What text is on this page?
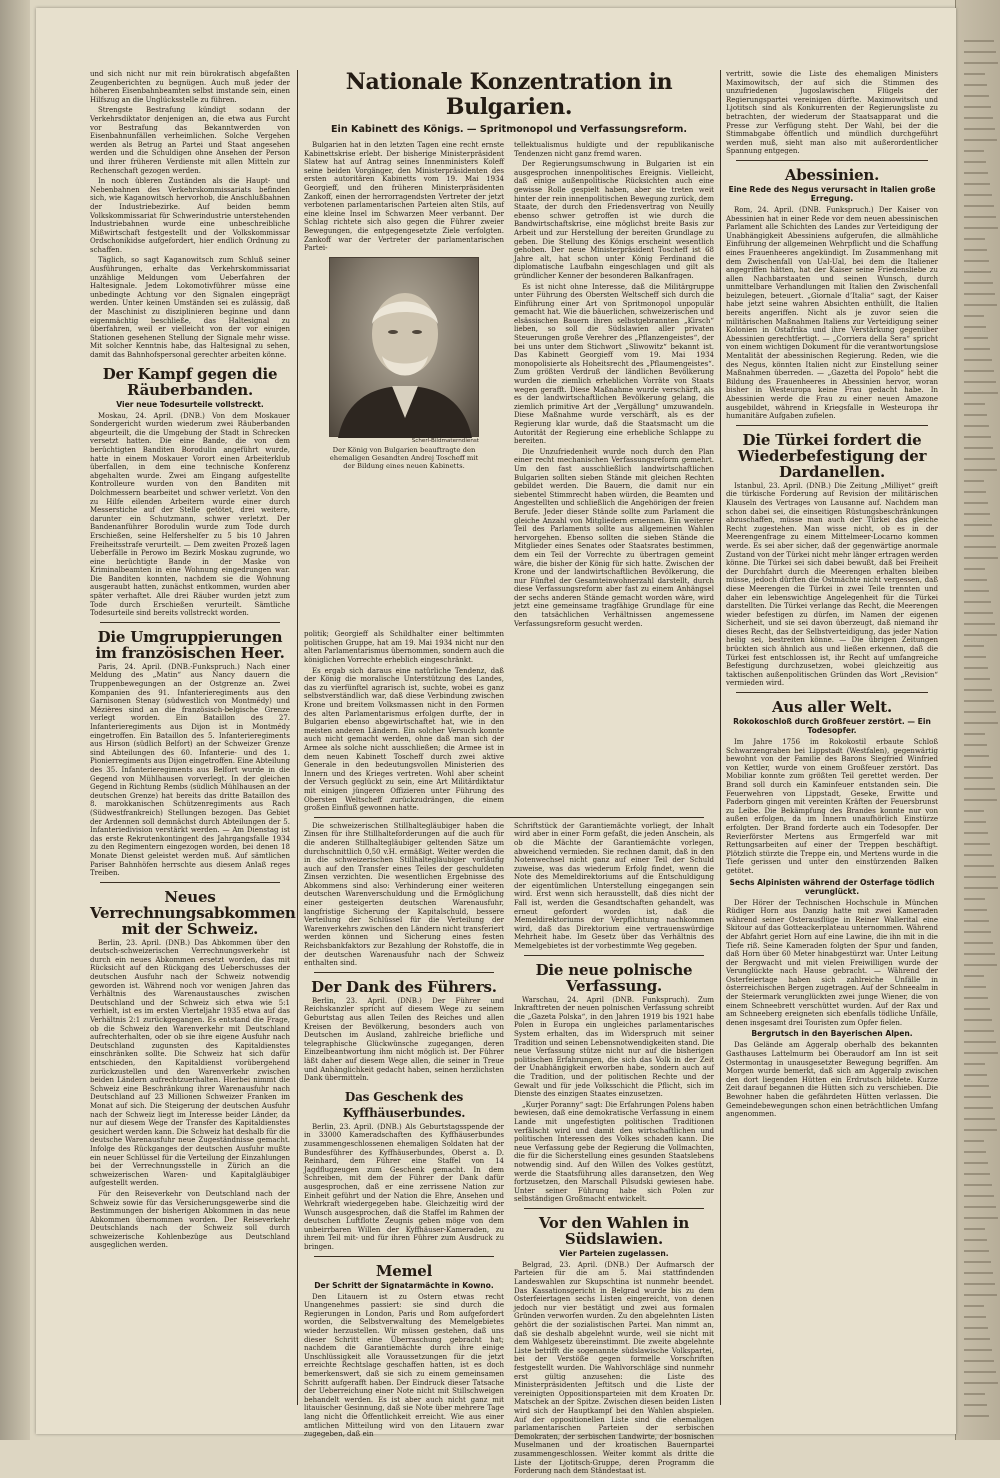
und sich nicht nur mit rein bürokratisch abgefaßten Zeugenberichten zu begnügen. Auch muß jeder der höheren Eisenbahnbeamten selbst imstande sein, einen Hilfszug an die Unglücksstelle zu führen.

Strengste Bestrafung kündigt sodann der Verkehrsdiktator denjenigen an, die etwa aus Furcht vor Bestrafung das Bekanntwerden von Eisenbahnunfällen verheimlichen. Solche Vergehen werden als Betrug an Partei und Staat angesehen werden und die Schuldigen ohne Ansehen der Person und ihrer früheren Verdienste mit allen Mitteln zur Rechenschaft gezogen werden.

In noch übleren Zuständen als die Haupt- und Nebenbahnen des Verkehrskommissariats befinden sich, wie Kaganowitsch hervorhob, die Anschlußbahnen der Industriebezirke. Auf beiden bemm Volkskommissariat für Schwerindustrie unterstehenden Industriebahnen wurde eine unbeschreibliche Mißwirtschaft festgestellt und der Volkskommissar Ordschonikidse aufgefordert, hier endlich Ordnung zu schaffen.

Täglich, so sagt Kaganowitsch zum Schluß seiner Ausführungen, erhalte das Verkehrskommissariat unzählige Meldungen vom Ueberfahren der Haltesignale. Jedem Lokomotivführer müsse eine unbedingte Achtung vor den Signalen eingeprägt werden. Unter keinen Umständen sei es zulässig, daß der Maschinist zu disziplinieren beginne und dann eigenmächtig beschließe, das Haltesignal zu überfahren, weil er vielleicht von der vor einigen Stationen gesehenen Stellung der Signale mehr wisse. Mit solcher Kenntnis habe, das Haltesignal zu sehen, damit das Bahnhofspersonal gerechter arbeiten könne.

Der Kampf gegen die Räuberbanden.
Vier neue Todesurteile vollstreckt.

Moskau, 24. April. (DNB.) Von dem Moskauer Sondergericht wurden wiederum zwei Räuberbanden abgeurteilt, die die Umgebung der Stadt in Schrecken versetzt hatten. Die eine Bande, die von dem berüchtigten Banditen Borodulin angeführt wurde, hatte in einem Moskauer Vorort einen Arbeiterklub überfallen, in dem eine technische Konferenz abgehalten wurde. Zwei am Eingang aufgestellte Kontrolleure wurden von den Banditen mit Dolchmessern bearbeitet und schwer verletzt. Von den zu Hilfe eilenden Arbeitern wurde einer durch Messerstiche auf der Stelle getötet, drei weitere, darunter ein Schutzmann, schwer verletzt. Der Bandenanführer Borodulin wurde zum Tode durch Erschießen, seine Helfershelfer zu 5 bis 10 Jahren Freiheitsstrafe verurteilt. — Dem zweiten Prozeß lagen Ueberfälle in Perowo im Bezirk Moskau zugrunde, wo eine berüchtigte Bande in der Maske von Kriminalbeamten in eine Wohnung eingedrungen war. Die Banditen konnten, nachdem sie die Wohnung ausgeraubt hatten, zunächst entkommen, wurden aber später verhaftet. Alle drei Räuber wurden jetzt zum Tode durch Erschießen verurteilt. Sämtliche Todesurteile sind bereits vollstreckt worden.

Die Umgruppierungen im französischen Heer.

Paris, 24. April. (DNB.-Funkspruch.) Nach einer Meldung des „Matin“ aus Nancy dauern die Truppenbewegungen an der Ostgrenze an. Zwei Kompanien des 91. Infanterieregiments aus den Garnisonen Stenay (südwestlich von Montmédy) und Mézières sind an die französisch-belgische Grenze verlegt worden. Ein Bataillon des 27. Infanterieregiments aus Dijon ist in Montmédy eingetroffen. Ein Bataillon des 5. Infanterieregiments aus Hirson (südlich Belfort) an der Schweizer Grenze sind Abteilungen des 60. Infanterie- und des 1. Pionierregiments aus Dijon eingetroffen. Eine Abteilung des 35. Infanterieregiments aus Belfort wurde in die Gegend von Mühlhausen vorverlegt. In der gleichen Gegend in Richtung Rembs (südlich Mühlhausen an der deutschen Grenze) hat bereits das dritte Bataillon des 8. marokkanischen Schützenregiments aus Rach (Südwestfrankreich) Stellungen bezogen. Das Gebiet der Ardennen soll demnächst durch Abteilungen der 5. Infanteriedivision verstärkt werden. — Am Dienstag ist das erste Rekrutenkontingent des Jahrgangsfalle 1934 zu den Regimentern eingezogen worden, bei denen 18 Monate Dienst geleistet werden muß. Auf sämtlichen Pariser Bahnhöfen herrschte aus diesem Anlaß reges Treiben.

Neues Verrechnungsabkommen mit der Schweiz.

Berlin, 23. April. (DNB.) Das Abkommen über den deutsch-schweizerischen Verrechnungsverkehr ist durch ein neues Abkommen ersetzt worden, das mit Rücksicht auf den Rückgang des Ueberschusses der deutschen Ausfuhr nach der Schweiz notwendig geworden ist. Während noch vor wenigen Jahren das Verhältnis des Warenaustausches zwischen Deutschland und der Schweiz sich etwa wie 5:1 verhielt, ist es im ersten Vierteljahr 1935 etwa auf das Verhältnis 2:1 zurückgegangen. Es entstand die Frage, ob die Schweiz den Warenverkehr mit Deutschland aufrechterhalten, oder ob sie ihre eigene Ausfuhr nach Deutschland zugunsten des Kapitaldienstes einschränken sollte. Die Schweiz hat sich dafür entschieden, den Kapitaldienst vorübergehend zurückzustellen und den Warenverkehr zwischen beiden Ländern aufrechtzuerhalten. Hierbei nimmt die Schweiz eine Beschränkung ihrer Warenausfuhr nach Deutschland auf 23 Millionen Schweizer Franken im Monat auf sich. Die Steigerung der deutschen Ausfuhr nach der Schweiz liegt im Interesse beider Länder, da nur auf diesem Wege der Transfer des Kapitaldienstes gesichert werden kann. Die Schweiz hat deshalb für die deutsche Warenausfuhr neue Zugeständnisse gemacht. Infolge des Rückganges der deutschen Ausfuhr mußte ein neuer Schlüssel für die Verteilung der Einzahlungen bei der Verrechnungsstelle in Zürich an die schweizerischen Waren- und Kapitalgläubiger aufgestellt werden.

Für den Reiseverkehr von Deutschland nach der Schweiz sowie für das Versicherungsgewerbe sind die Bestimmungen der bisherigen Abkommen in das neue Abkommen übernommen worden. Der Reiseverkehr Deutschlands nach der Schweiz soll durch schweizerische Kohlenbezüge aus Deutschland ausgeglichen werden.

Nationale Konzentration in Bulgarien.
Ein Kabinett des Königs. — Spritmonopol und Verfassungsreform.

Bulgarien hat in den letzten Tagen eine recht ernste Kabinettskrise erlebt. Der bisherige Ministerpräsident Slatew hat auf Antrag seines Innenministers Koleff seine beiden Vorgänger, den Ministerpräsidenten des ersten autoritären Kabinetts vom 19. Mai 1934 Georgieff, und den früheren Ministerpräsidenten Zankoff, einen der herrorragendsten Vertreter der jetzt verbotenen parlamentarischen Parteien alten Stils, auf eine kleine Insel im Schwarzen Meer verbannt. Der Schlag richtete sich also gegen die Führer zweier Bewegungen, die entgegengesetzte Ziele verfolgten. Zankoff war der Vertreter der parlamentarischen Partei-

Scherl-Bildmaterndienst
Der König von Bulgarien beauftragte den ehemaligen Gesandten Andrej Toscheff mit der Bildung eines neuen Kabinetts.

tellektualismus huldigte und der republikanische Tendenzen nicht ganz fremd waren.

Der Regierungsumschwung in Bulgarien ist ein ausgesprochen innenpolitisches Ereignis. Vielleicht, daß einige außenpolitische Rücksichten auch eine gewisse Rolle gespielt haben, aber sie treten weit hinter der rein innenpolitischen Bewegung zurück, dem Staate, der durch den Friedensvertrag von Neuilly ebenso schwer getroffen ist wie durch die Bandwirtschaftskrise, eine möglichst breite Basis zur Arbeit und zur Herstellung der bereiten Grundlage zu geben. Die Stellung des Königs erscheint wesentlich gehoben. Der neue Ministerpräsident Toscheff ist 68 Jahre alt, hat schon unter König Ferdinand die diplomatische Laufbahn eingeschlagen und gilt als gründlicher Kenner der besonderen Balkanfragen.

Es ist nicht ohne Interesse, daß die Militärgruppe unter Führung des Obersten Weltscheff sich durch die Einführung einer Art von Spritmonopol unpopulär gemacht hat. Wie die bäuerlichen, schweizerischen und elsässischen Bauern ihren selbstgebrannten „Kirsch“ lieben, so soll die Südslawien aller privaten Steuerungen große Verehrer des „Pflanzengeistes“, der bei uns unter dem Stichwort „Sliwowitz“ bekannt ist. Das Kabinett Georgieff vom 19. Mai 1934 monopolisierte als Hoheitsrecht des „Pflaumengeistes“. Zum größten Verdruß der ländlichen Bevölkerung wurden die ziemlich erheblichen Vorräte von Staats wegen gerafft. Diese Maßnahme wurde verschärft, als es der landwirtschaftlichen Bevölkerung gelang, die ziemlich primitive Art der „Vergällung“ umzuwandeln. Diese Maßnahme wurde verschärft, als es der Regierung klar wurde, daß die Staatsmacht um die Autorität der Regierung eine erhebliche Schlappe zu bereiten.

Die Unzufriedenheit wurde noch durch den Plan einer recht mechanischen Verfassungsreform gemehrt. Um den fast ausschließlich landwirtschaftlichen Bulgarien sollten sieben Stände mit gleichen Rechten gebildet werden. Die Bauern, die damit nur ein siebentel Stimmrecht haben würden, die Beamten und Angestellten und schließlich die Angehörigen der freien Berufe. Jeder dieser Stände sollte zum Parlament die gleiche Anzahl von Mitgliedern ernennen. Ein weiterer Teil des Parlaments sollte aus allgemeinen Wahlen hervorgehen. Ebenso sollten die sieben Stände die Mitglieder eines Senates oder Staatsrates bestimmen, dem ein Teil der Vorrechte zu übertragen gemeint wäre, die bisher der König für sich hatte. Zwischen der Krone und der landwirtschaftlichen Bevölkerung, die nur Fünftel der Gesamteinwohnerzahl darstellt, durch diese Verfassungsreform aber fast zu einem Anhängsel der sechs anderen Stände gemacht worden wäre, wird jetzt eine gemeinsame tragfähige Grundlage für eine den tatsächlichen Verhältnissen angemessene Verfassungsreform gesucht werden.

politik; Georgieff als Schildhalter einer beltimmten politischen Gruppe, hat am 19. Mai 1934 nicht nur den alten Parlamentarismus übernommen, sondern auch die königlichen Vorrechte erheblich eingeschränkt.

Es ergab sich daraus eine natürliche Tendenz, daß der König die moralische Unterstützung des Landes, das zu vierfünftel agrarisch ist, suchte, wobei es ganz selbstverständlich war, daß diese Verbindung zwischen Krone und breitem Volksmassen nicht in den Formen des alten Parlamentarismus erfolgen durfte, der in Bulgarien ebenso abgewirtschaftet hat, wie in den meisten anderen Ländern. Ein solcher Versuch konnte auch nicht gemacht werden, ohne daß man sich der Armee als solche nicht ausschließen; die Armee ist in dem neuen Kabinett Toscheff durch zwei aktive Generale in den bedeutungsvollen Ministerien des Innern und des Krieges vertreten. Wohl aber scheint der Versuch geglückt zu sein, eine Art Militärdiktatur mit einigen jüngeren Offizieren unter Führung des Obersten Weltscheff zurückzudrängen, die einem großen Einfluß gewonnen hatte.

Die schweizerischen Stillhaltegläubiger haben die Zinsen für ihre Stillhalteforderungen auf die auch für die anderen Stillhaltegläubiger geltenden Sätze um durchschnittlich 0,50 v.H. ermäßigt. Weiter werden die in die schweizerischen Stillhaltegläubiger vorläufig auch auf den Transfer eines Teiles der geschuldeten Zinsen verzichten. Die wesentlichen Ergebnisse des Abkommens sind also: Verhinderung einer weiteren deutschen Warenverschuldung und die Ermöglichung einer gesteigerten deutschen Warenausfuhr, langfristige Sicherung der Kapitalschuld, bessere Verteilung der Schlüssel für die Verteilung der Warenverkehrs zwischen den Ländern nicht transferiert werden können und Sicherung eines festen Reichsbankfaktors zur Bezahlung der Rohstoffe, die in der deutschen Warenausfuhr nach der Schweiz enthalten sind.

Der Dank des Führers.

Berlin, 23. April. (DNB.) Der Führer und Reichskanzler spricht auf diesem Wege zu seinem Geburtstag aus allen Teilen des Reiches und allen Kreisen der Bevölkerung, besonders auch von Deutschen im Ausland, zahlreiche briefliche und telegraphische Glückwünsche zugegangen, deren Einzelbeantwortung ihm nicht möglich ist. Der Führer läßt daher auf diesem Wege allen, die seiner in Treue und Anhänglichkeit gedacht haben, seinen herzlichsten Dank übermitteln.

Das Geschenk des Kyffhäuserbundes.

Berlin, 23. April. (DNB.) Als Geburtstagsspende der in 33000 Kameradschaften des Kyffhäuserbundes zusammengeschlossenen ehemaligen Soldaten hat der Bundesführer des Kyffhäuserbundes, Oberst a. D. Reinhard, dem Führer eine Staffel von 14 Jagdflugzeugen zum Geschenk gemacht. In dem Schreiben, mit dem der Führer der Dank dafür ausgesprochen, daß er eine zerrissene Nation zur Einheit geführt und der Nation die Ehre, Ansehen und Wehrkraft wiedergegeben habe. Gleichzeitig wird der Wunsch ausgesprochen, daß die Staffel im Rahmen der deutschen Luftflotte Zeugnis geben möge von dem unbeirrbaren Willen der Kyffhäuser-Kameraden, zu ihrem Teil mit- und für ihren Führer zum Ausdruck zu bringen.

Memel
Der Schritt der Signatarmächte in Kowno.

Den Litauern ist zu Ostern etwas recht Unangenehmes passiert: sie sind durch die Regierungen in London, Paris und Rom aufgefordert worden, die Selbstverwaltung des Memelgebietes wieder herzustellen. Wir müssen gestehen, daß uns dieser Schritt eine Überraschung gebracht hat; nachdem die Garantiemächte durch ihre einige Unschlüssigkeit alle Voraussetzungen für die jetzt erreichte Rechtslage geschaffen hatten, ist es doch bemerkenswert, daß sie sich zu einem gemeinsamen Schritt aufgerafft haben. Der Eindruck dieser Tatsache der Ueberreichung einer Note nicht mit Stillschweigen behandelt werden. Es ist aber auch nicht ganz mit litauischer Gesinnung, daß sie Note über mehrere Tage lang nicht die Öffentlichkeit erreicht. Wie aus einer amtlichen Mitteilung wird von den Litauern zwar zugegeben, daß ein

Schriftstück der Garantiemächte vorliegt, der Inhalt wird aber in einer Form gefaßt, die jeden Anschein, als ob die Mächte der Garantiemächte vorlegen, abweichend vermieden. Sie rechnen damit, daß in den Notenwechsel nicht ganz auf einer Teil der Schuld zuweise, was das wiederum Erfolg findet, wenn die Note des Memeldirektoriums auf die Entschuldigung der eigentümlichen Unterstellung eingegangen sein wird. Erst wenn sich herausstellt, daß dies nicht der Fall ist, werden die Gesandtschaften gehandelt, was erneut gefordert worden ist, daß die Memeldirektoriums der Verpflichtung nachkommen wird, daß das Direktorium eine vertrauenswürdige Mehrheit habe. Im Gesetz über das Verhältnis des Memelgebietes ist der vorbestimmte Weg gegeben.

Die neue polnische Verfassung.

Warschau, 24. April (DNB. Funkspruch). Zum Inkrafttreten der neuen polnischen Verfassung schreibt die „Gazeta Polska“, in den Jahren 1919 bis 1921 habe Polen in Europa ein ungleiches parlamentarisches System erhalten, das im Widerspruch mit seiner Tradition und seinen Lebensnotwendigkeiten stand. Die neue Verfassung stütze nicht nur auf die bisherigen politischen Erfahrungen, die sich das Volk in der Zeit der Unabhängigkeit erworben habe, sondern auch auf die Tradition, und der politischen Rechte und der Gewalt und für jede Volksschicht die Pflicht, sich im Dienste des einzigen Staates einzusetzen.

„Kurjer Poranny“ sagt: Die Erfahrungen Polens haben bewiesen, daß eine demokratische Verfassung in einem Lande mit ungefestigten politischen Traditionen verfälscht wird und damit den wirtschaftlichen und politischen Interessen des Volkes schaden kann. Die neue Verfassung gebe der Regierung die Vollmachten, die für die Sicherstellung eines gesunden Staatslebens notwendig sind. Auf den Willen des Volkes gestützt, werde die Staatsführung alles daransetzen, den Weg fortzusetzen, den Marschall Pilsudski gewiesen habe. Unter seiner Führung habe sich Polen zur selbständigen Großmacht entwickelt.

Vor den Wahlen in Südslawien.
Vier Parteien zugelassen.

Belgrad, 23. April. (DNB.) Der Aufmarsch der Parteien für die am 5. Mai stattfindenden Landeswahlen zur Skupschtina ist nunmehr beendet. Das Kassationsgericht in Belgrad wurde bis zu dem Osterfeiertagen sechs Listen eingereicht, von denen jedoch nur vier bestätigt und zwei aus formalen Gründen verworfen wurden. Zu den abgelehnten Listen gehört die der sozialistischen Partei. Man nimmt an, daß sie deshalb abgelehnt wurde, weil sie nicht mit dem Wahlgesetz übereinstimmt. Die zweite abgelehnte Liste betrifft die sogenannte südslawische Volkspartei, bei der Verstöße gegen formelle Vorschriften festgestellt wurden. Die Wahlvorschläge sind nunmehr erst gültig anzusehen: die Liste des Ministerpräsidenten Jeftitsch und die Liste der vereinigten Oppositionsparteien mit dem Kroaten Dr. Matschek an der Spitze. Zwischen diesen beiden Listen wird sich der Hauptkampf bei den Wahlen abspielen. Auf der oppositionellen Liste sind die ehemaligen parlamentarischen Parteien der serbischen Demokraten, der serbischen Landwirte, der bosnischen Muselmanen und der kroatischen Bauernpartei zusammengeschlossen. Weiter kommt als dritte die Liste der Ljotitsch-Gruppe, deren Programm die Forderung nach dem Ständestaat ist.

vertritt, sowie die Liste des ehemaligen Ministers Maximowitsch, der auf sich die Stimmen des unzufriedenen Jugoslawischen Flügels der Regierungspartei vereinigen dürfte. Maximowitsch und Ljotitsch sind als Konkurrenten der Regierungsliste zu betrachten, der wiederum der Staatsapparat und die Presse zur Verfügung steht. Der Wahl, bei der die Stimmabgabe öffentlich und mündlich durchgeführt werden muß, sieht man also mit außerordentlicher Spannung entgegen.

Abessinien.
Eine Rede des Negus verursacht in Italien große Erregung.

Rom, 24. April. (DNB. Funkspruch.) Der Kaiser von Abessinien hat in einer Rede vor dem neuen abessinischen Parlament alle Schichten des Landes zur Verteidigung der Unabhängigkeit Abessiniens aufgerufen, die allmähliche Einführung der allgemeinen Wehrpflicht und die Schaffung eines Frauenheeres angekündigt. Im Zusammenhang mit dem Zwischenfall von Ual-Ual, bei dem die Italiener angegriffen hätten, hat der Kaiser seine Friedensliebe zu allen Nachbarstaaten und seinen Wunsch, durch unmittelbare Verhandlungen mit Italien den Zwischenfall beizulegen, beteuert. „Giornale d’Italia“ sagt, der Kaiser habe jetzt seine wahren Absichten enthüllt, die Italien bereits angeriffen. Nicht als je zuvor seien die militärischen Maßnahmen Italiens zur Verteidigung seiner Kolonien in Ostafrika und ihre Verstärkung gegenüber Abessinien gerechtfertigt. — „Corriera della Sera“ spricht von einem wichtigen Dokument für die verantwortungslose Mentalität der abessinischen Regierung. Reden, wie die des Negus, könnten Italien nicht zur Einstellung seiner Maßnahmen überreden. — „Gazetta del Popolo“ hebt die Bildung des Frauenheeres in Abessinien hervor, woran bisher in Westeuropa keine Frau gedacht habe. In Abessinien werde die Frau zu einer neuen Amazone ausgebildet, während in Kriegsfalle in Westeuropa ihr humanitäre Aufgaben zufielen.

Die Türkei fordert die Wiederbefestigung der Dardanellen.

Istanbul, 23. April. (DNB.) Die Zeitung „Milliyet“ greift die türkische Forderung auf Revision der militärischen Klauseln des Vertrages von Lausanne auf. Nachdem man schon dabei sei, die einseitigen Rüstungsbeschränkungen abzuschaffen, müsse man auch der Türkei das gleiche Recht zugestehen. Man wisse nicht, ob es in der Meerengenfrage zu einem Mittelmeer-Locarno kommen werde. Es sei aber sicher, daß der gegenwärtige anormale Zustand von der Türkei nicht mehr länger ertragen werden könne. Die Türkei sei sich dabei bewußt, daß bei Freiheit der Durchfahrt durch die Meerengen erhalten bleiben müsse, jedoch dürften die Ostmächte nicht vergessen, daß diese Meerengen die Türkei in zwei Teile trennten und daher ein lebenswichtige Angelegenheit für die Türkei darstellten. Die Türkei verlange das Recht, die Meerengen wieder befestigen zu dürfen, im Namen der eigenen Sicherheit, und sie sei davon überzeugt, daß niemand ihr dieses Recht, das der Selbstverteidigung, das jeder Nation heilig sei, bestreiten könne. — Die übrigen Zeitungen brückten sich ähnlich aus und ließen erkennen, daß die Türkei fest entschlossen ist, ihr Recht auf umfangreiche Befestigung durchzusetzen, wobei gleichzeitig aus taktischen außenpolitischen Gründen das Wort „Revision“ vermieden wird.

Aus aller Welt.
Rokokoschloß durch Großfeuer zerstört. — Ein Todesopfer.

Im Jahre 1756 im Rokokostil erbaute Schloß Schwarzengraben bei Lippstadt (Westfalen), gegenwärtig bewohnt von der Familie des Barons Siegfried Winfried von Kettler, wurde von einem Großfeuer zerstört. Das Mobiliar konnte zum größten Teil gerettet werden. Der Brand soll durch ein Kaminfeuer entstanden sein. Die Feuerwehren von Lippstadt, Geseke, Erwitte und Paderborn gingen mit vereinten Kräften der Feuersbrunst zu Leibe. Die Bekämpfung des Brandes konnte nur von außen erfolgen, da im Innern unaufhörlich Einstürze erfolgten. Der Brand forderte auch ein Todesopfer. Der Revierförster Mertens aus Ermgerfeld war mit Rettungsarbeiten auf einer der Treppen beschäftigt. Plötzlich stürzte die Treppe ein, und Mertens wurde in die Tiefe gerissen und unter den einstürzenden Balken getötet.

Sechs Alpinisten während der Osterfage tödlich verunglückt.

Der Hörer der Technischen Hochschule in München Rüdiger Horn aus Danzig hatte mit zwei Kameraden während seiner Osterausflüge in Reiner Wallerital eine Skitour auf das Gotteackerplateau unternommen. Während der Abfahrt geriet Horn auf eine Lawine, die ihn mit in die Tiefe riß. Seine Kameraden folgten der Spur und fanden, daß Horn über 60 Meter hinabgestürzt war. Unter Leitung der Bergwacht und mit vielen Freiwilligen wurde der Verunglückte nach Hause gebracht. — Während der Osterfeiertage haben sich zahlreiche Unfälle in österreichischen Bergen zugetragen. Auf der Schneealm in der Steiermark verunglückten zwei junge Wiener, die von einem Schneebrett verschüttet wurden. Auf der Rax und am Schneeberg ereigneten sich ebenfalls tödliche Unfälle, denen insgesamt drei Touristen zum Opfer fielen.

Bergrutsch in den Bayerischen Alpen.

Das Gelände am Aggeralp oberhalb des bekannten Gasthauses Lattelmurm bei Oberaudorf am Inn ist seit Ostermontag in unausgesetzter Bewegung begriffen. Am Morgen wurde bemerkt, daß sich am Aggeralp zwischen den dort liegenden Hütten ein Erdrutsch bildete. Kurze Zeit darauf begannen die Hütten sich zu verschieben. Die Bewohner haben die gefährdeten Hütten verlassen. Die Gemeindebewegungen schon einen beträchtlichen Umfang angenommen.
